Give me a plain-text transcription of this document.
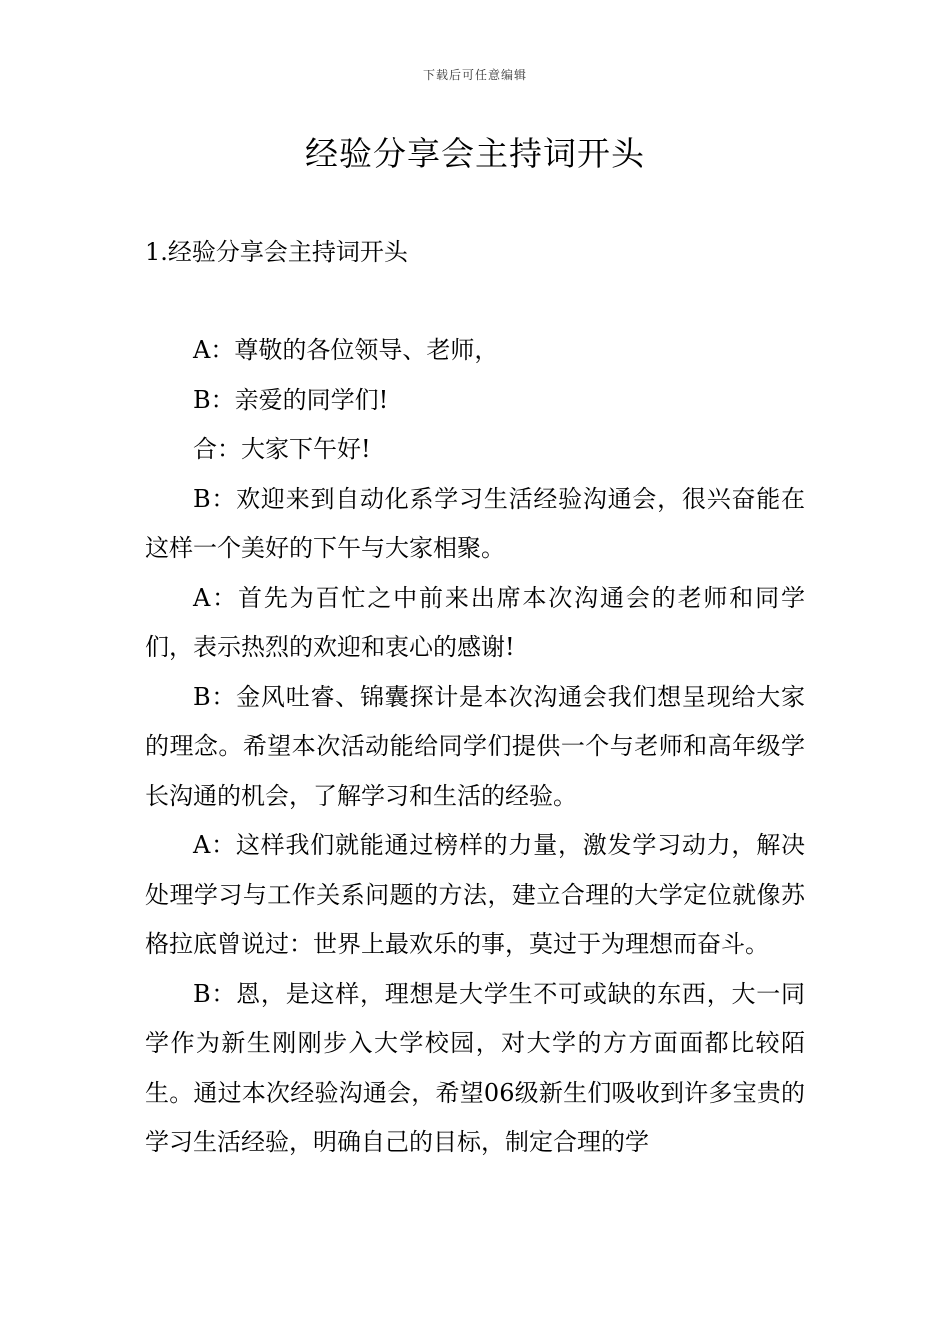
下载后可任意编辑
经验分享会主持词开头
1.经验分享会主持词开头

A：尊敬的各位领导、老师，

B：亲爱的同学们!

合：大家下午好!

B：欢迎来到自动化系学习生活经验沟通会，很兴奋能在这样一个美好的下午与大家相聚。

A：首先为百忙之中前来出席本次沟通会的老师和同学们，表示热烈的欢迎和衷心的感谢!

B：金风吐睿、锦囊探计是本次沟通会我们想呈现给大家的理念。希望本次活动能给同学们提供一个与老师和高年级学长沟通的机会，了解学习和生活的经验。

A：这样我们就能通过榜样的力量，激发学习动力，解决处理学习与工作关系问题的方法，建立合理的大学定位就像苏格拉底曾说过：世界上最欢乐的事，莫过于为理想而奋斗。

B：恩，是这样，理想是大学生不可或缺的东西，大一同学作为新生刚刚步入大学校园，对大学的方方面面都比较陌生。通过本次经验沟通会，希望06级新生们吸收到许多宝贵的学习生活经验，明确自己的目标，制定合理的学
